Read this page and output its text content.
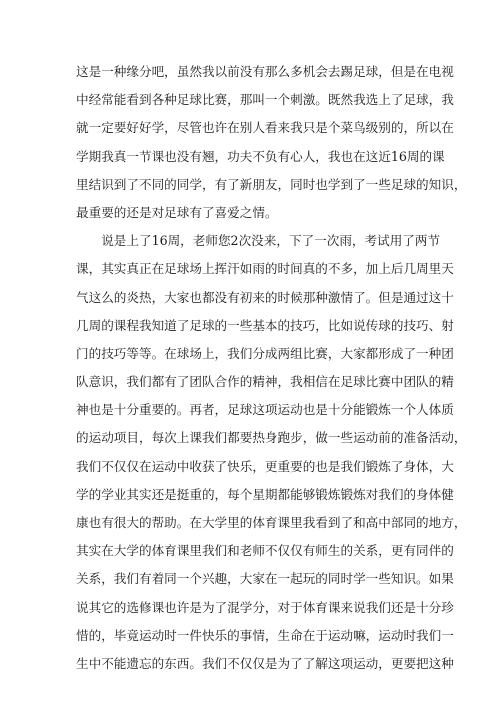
这是一种缘分吧，虽然我以前没有那么多机会去踢足球，但是在电视
中经常能看到各种足球比赛，那叫一个刺激。既然我选上了足球，我
就一定要好好学，尽管也许在别人看来我只是个菜鸟级别的，所以在
学期我真一节课也没有翘，功夫不负有心人，我也在这近16周的课
里结识到了不同的同学，有了新朋友，同时也学到了一些足球的知识，
最重要的还是对足球有了喜爱之情。
　　说是上了16周，老师您2次没来，下了一次雨，考试用了两节
课，其实真正在足球场上挥汗如雨的时间真的不多，加上后几周里天
气这么的炎热，大家也都没有初来的时候那种激情了。但是通过这十
几周的课程我知道了足球的一些基本的技巧，比如说传球的技巧、射
门的技巧等等。在球场上，我们分成两组比赛，大家都形成了一种团
队意识，我们都有了团队合作的精神，我相信在足球比赛中团队的精
神也是十分重要的。再者，足球这项运动也是十分能锻炼一个人体质
的运动项目，每次上课我们都要热身跑步，做一些运动前的准备活动，
我们不仅仅在运动中收获了快乐，更重要的也是我们锻炼了身体，大
学的学业其实还是挺重的，每个星期都能够锻炼锻炼对我们的身体健
康也有很大的帮助。在大学里的体育课里我看到了和高中部同的地方，
其实在大学的体育课里我们和老师不仅仅有师生的关系，更有同伴的
关系，我们有着同一个兴趣，大家在一起玩的同时学一些知识。如果
说其它的选修课也许是为了混学分，对于体育课来说我们还是十分珍
惜的，毕竟运动时一件快乐的事情，生命在于运动嘛，运动时我们一
生中不能遗忘的东西。我们不仅仅是为了了解这项运动，更要把这种
